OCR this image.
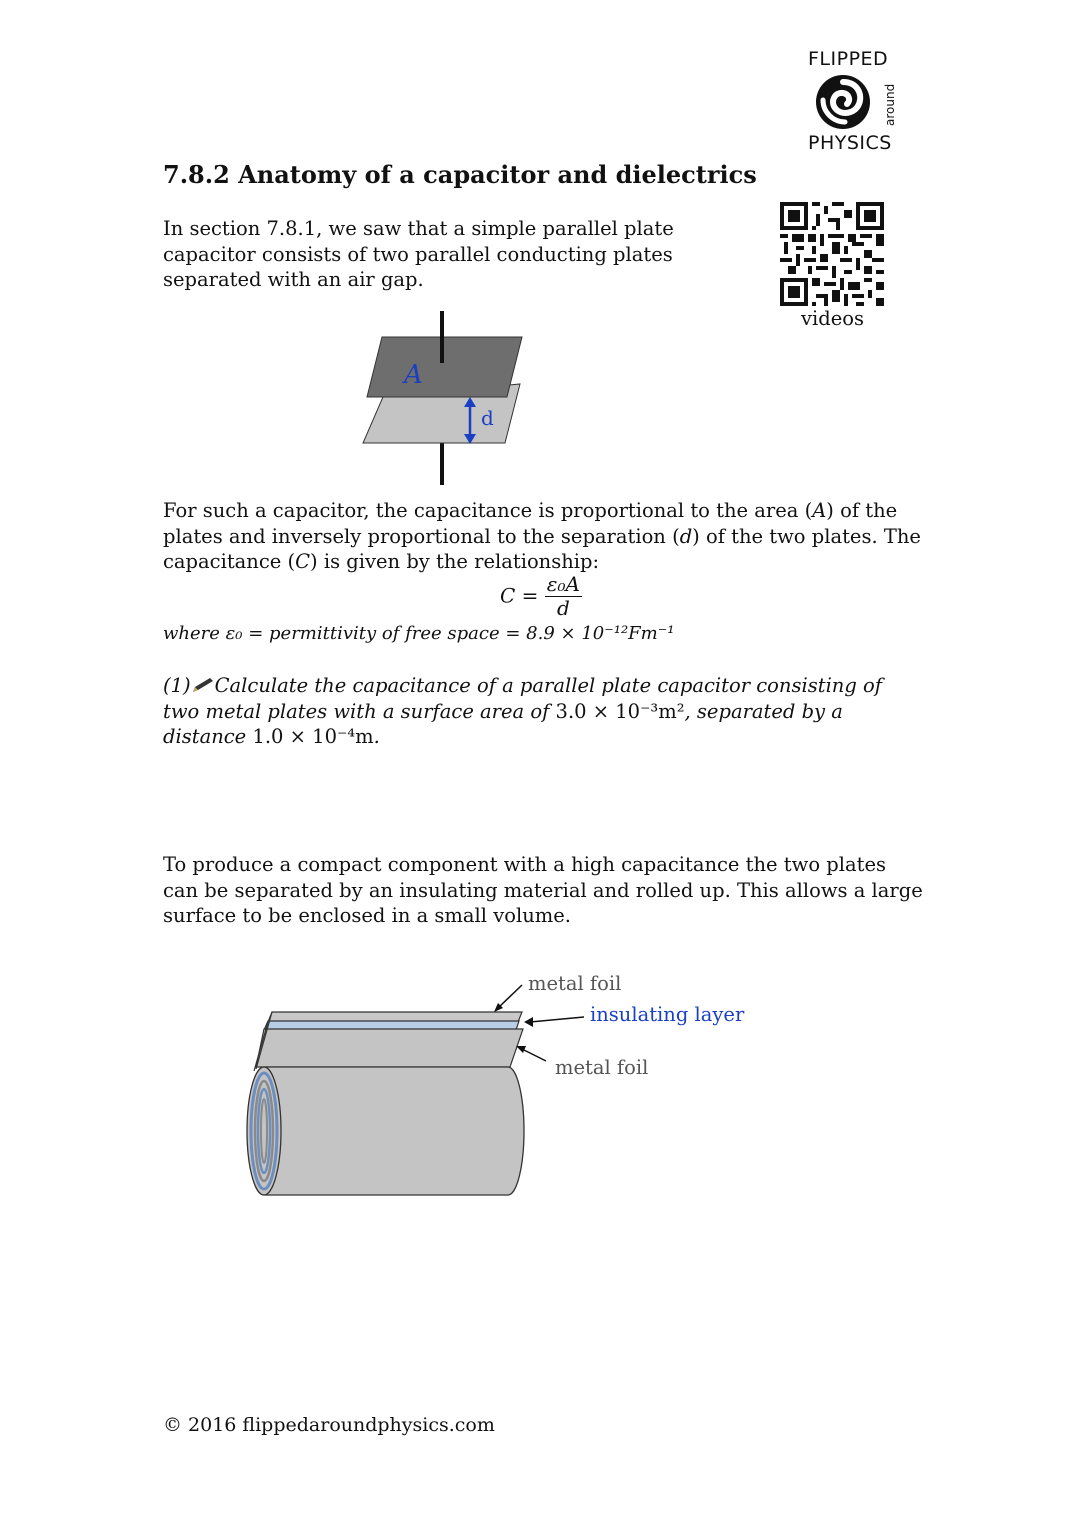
FLIPPED
around
PHYSICS
7.8.2 Anatomy of a capacitor and dielectrics

In section 7.8.1, we saw that a simple parallel plate capacitor consists of two parallel conducting plates separated with an air gap.

videos
A
d

For such a capacitor, the capacitance is proportional to the area (A) of the plates and inversely proportional to the separation (d) of the two plates. The capacitance (C) is given by the relationship:

$C = \frac{\text{ε₀A}}{d}$
where ε₀ = permittivity of free space = 8.9 × 10⁻¹²Fm⁻¹

(1) Calculate the capacitance of a parallel plate capacitor consisting of two metal plates with a surface area of 3.0 × 10⁻³m², separated by a distance 1.0 × 10⁻⁴m.

To produce a compact component with a high capacitance the two plates can be separated by an insulating material and rolled up. This allows a large surface to be enclosed in a small volume.

metal foil
insulating layer
metal foil
© 2016 flippedaroundphysics.com
